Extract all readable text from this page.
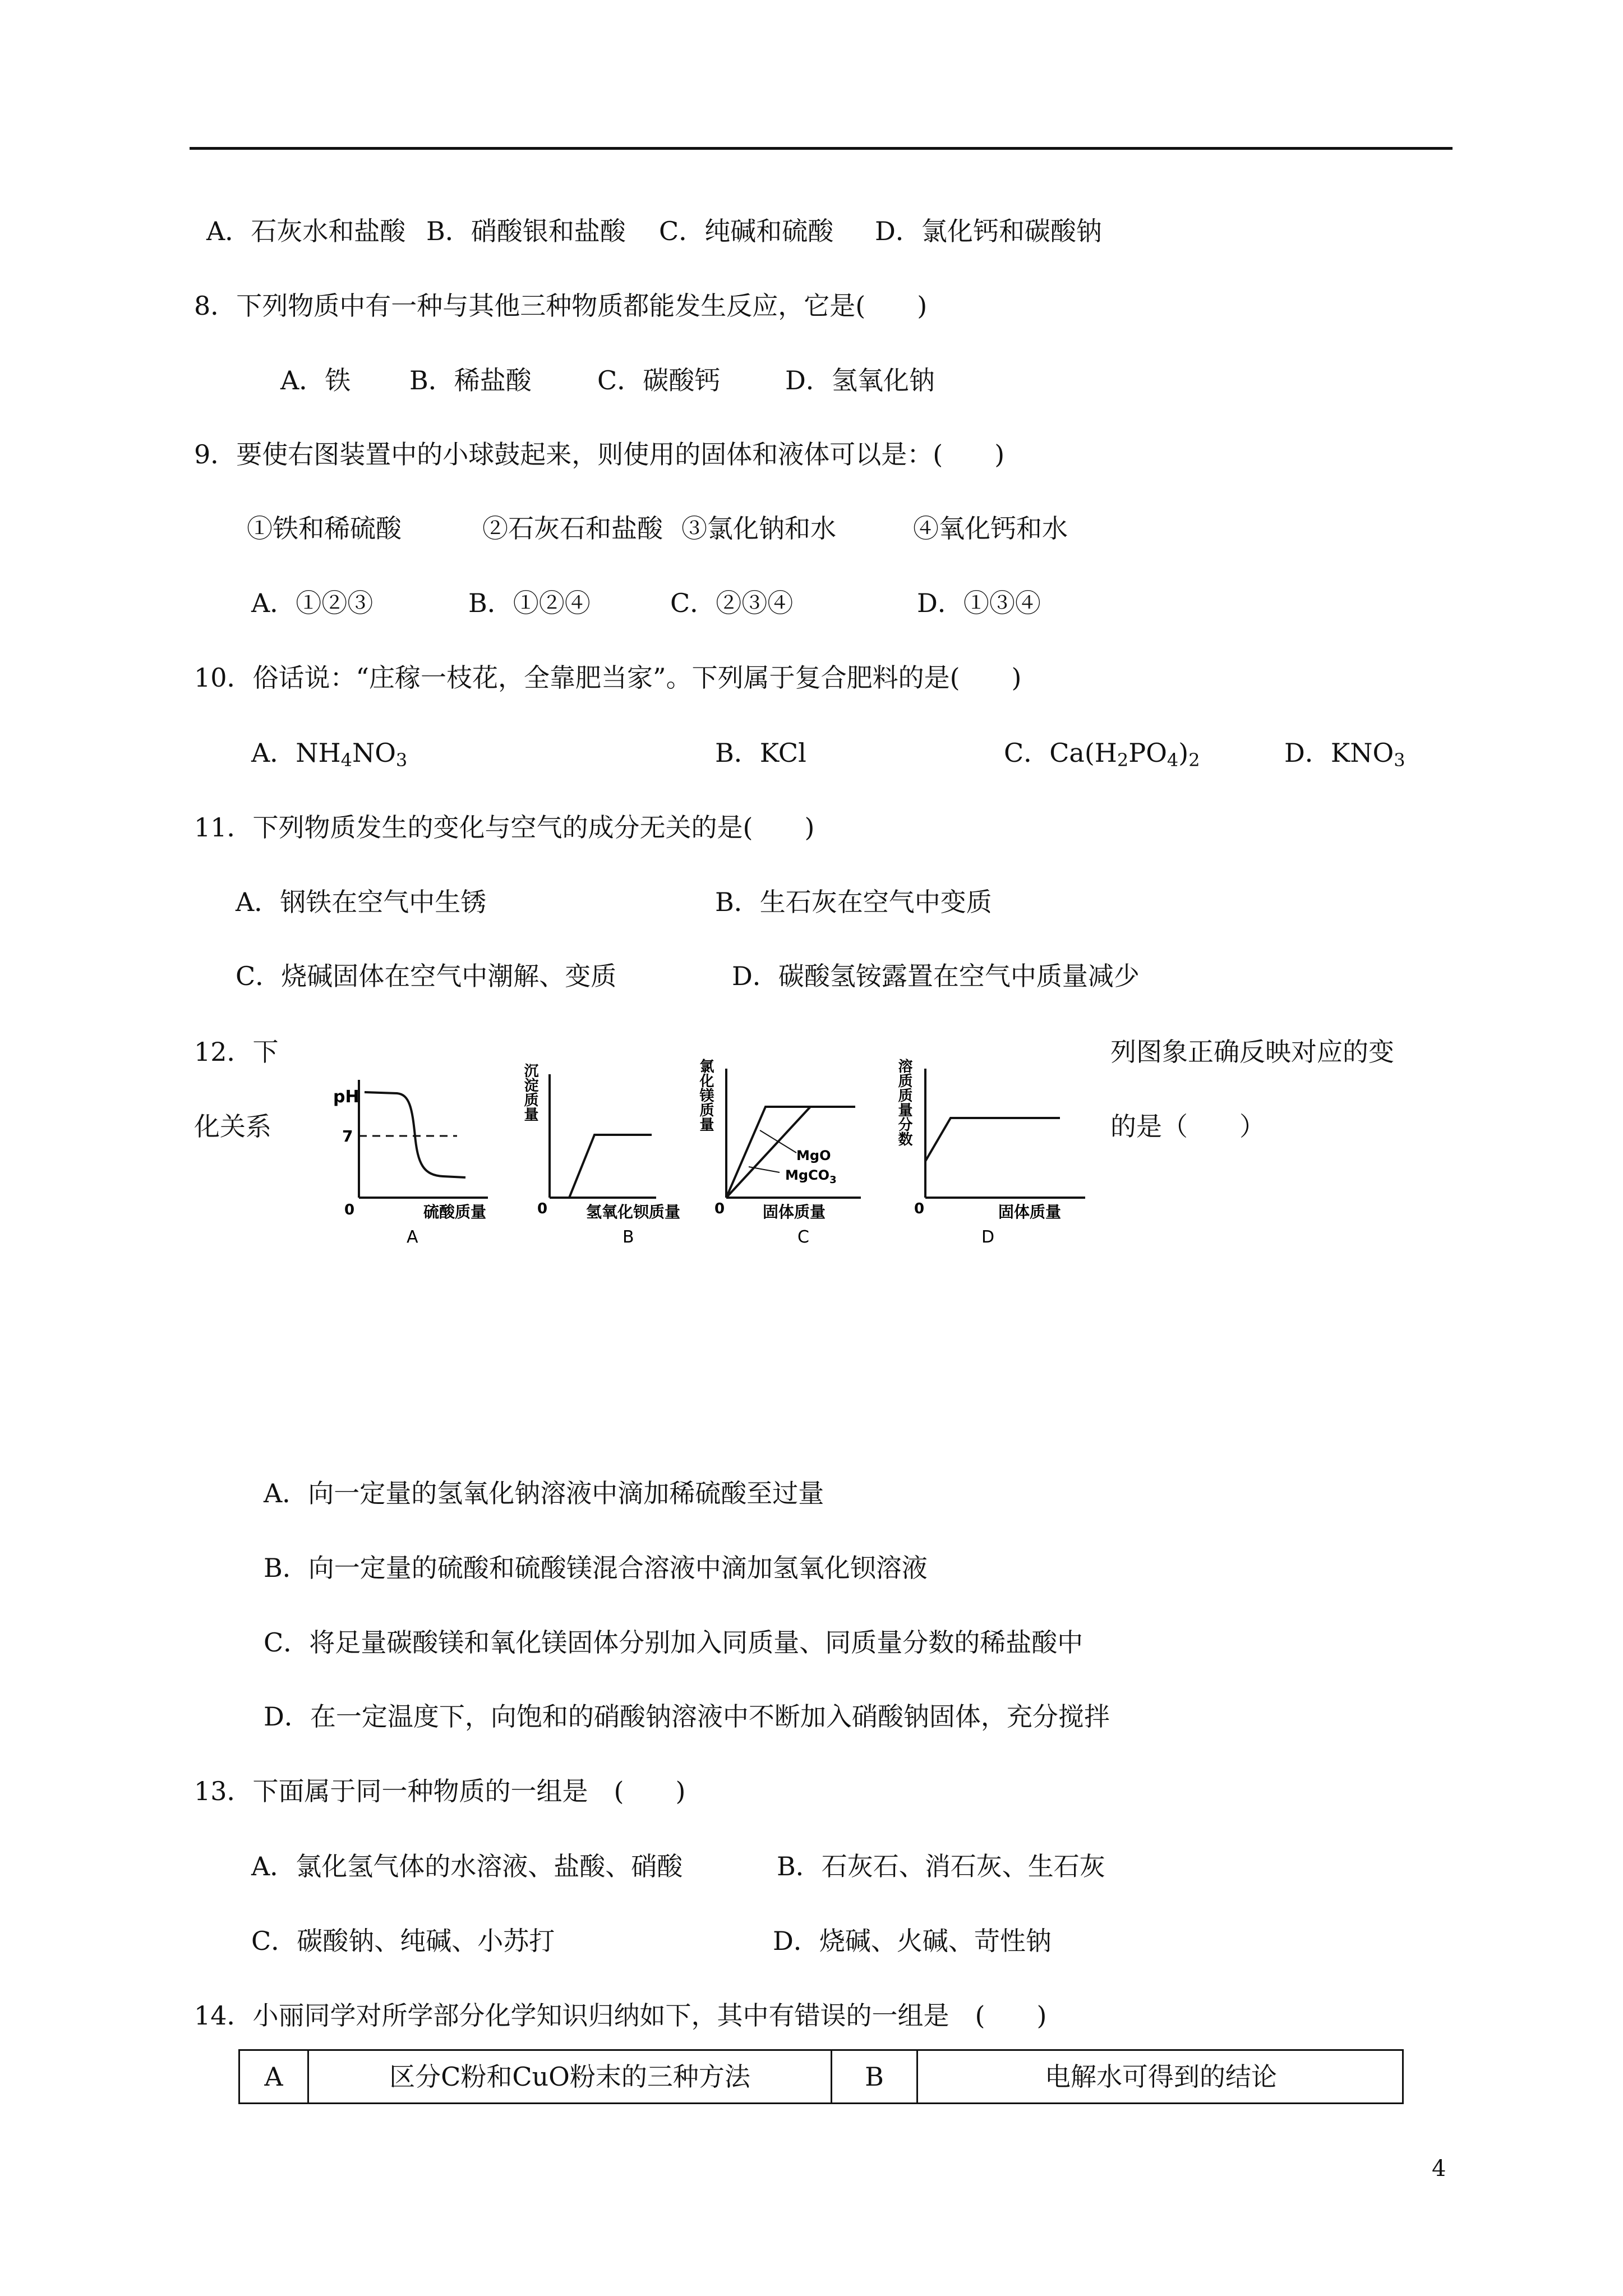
A．石灰水和盐酸 B．硝酸银和盐酸 C．纯碱和硫酸 D．氯化钙和碳酸钠
8．下列物质中有一种与其他三种物质都能发生反应，它是(　　)
A．铁 B．稀盐酸	C．碳酸钙	D．氢氧化钠
9．要使右图装置中的小球鼓起来，则使用的固体和液体可以是：(　　)
①铁和稀硫酸	②石灰石和盐酸 ③氯化钠和水	④氧化钙和水
A．①②③	B．①②④	C．②③④	D．①③④
10．俗话说：“庄稼一枝花，全靠肥当家”。下列属于复合肥料的是(　　)
A．$NH_4NO_3$	B．KCl	C．$Ca(H_2PO_4)_2$	D．$KNO_3$
11．下列物质发生的变化与空气的成分无关的是(　　)
A．钢铁在空气中生锈	B．生石灰在空气中变质
C．烧碱固体在空气中潮解、变质	D．碳酸氢铵露置在空气中质量减少
12．下
化关系
列图象正确反映对应的变
的是（　　）
pH
7
0	硫酸质量
A
沉淀质量
0 氢氧化钡质量
B
氯化镁质量
MgO
MgCO$_3$
0 固体质量
C
溶质质量分数
0	固体质量
D
A．向一定量的氢氧化钠溶液中滴加稀硫酸至过量
B．向一定量的硫酸和硫酸镁混合溶液中滴加氢氧化钡溶液
C．将足量碳酸镁和氧化镁固体分别加入同质量、同质量分数的稀盐酸中
D．在一定温度下，向饱和的硝酸钠溶液中不断加入硝酸钠固体，充分搅拌
13．下面属于同一种物质的一组是　(　　)
A．氯化氢气体的水溶液、盐酸、硝酸	B．石灰石、消石灰、生石灰
C．碳酸钠、纯碱、小苏打	D．烧碱、火碱、苛性钠
14．小丽同学对所学部分化学知识归纳如下，其中有错误的一组是　(　　)
A	区分C粉和CuO粉末的三种方法	B	电解水可得到的结论
4
